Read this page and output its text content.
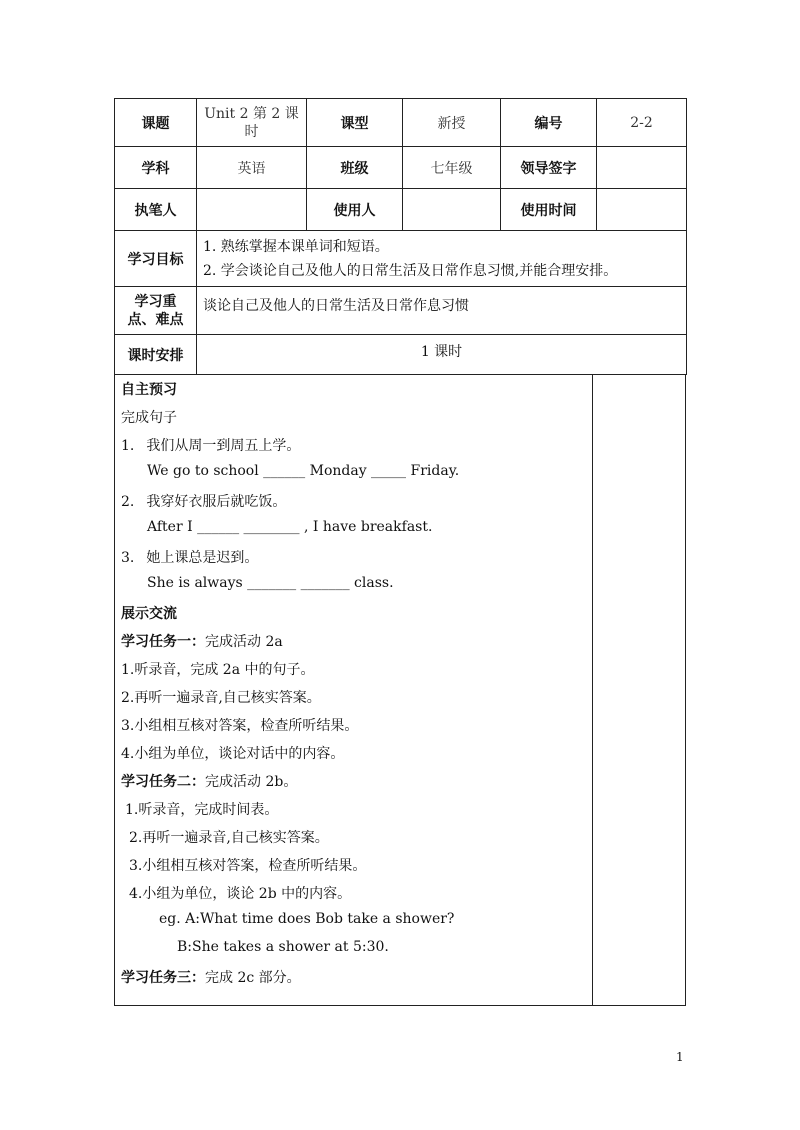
课题	Unit 2 第 2 课时	课型	新授	编号	2-2
学科	英语	班级	七年级	领导签字	
执笔人		使用人		使用时间	
学习目标	1. 熟练掌握本课单词和短语。
2. 学会谈论自己及他人的日常生活及日常作息习惯,并能合理安排。				

学习重
点、难点	谈论自己及他人的日常生活及日常作息习惯				
课时安排	1 课时				
自主预习
完成句子
1. 我们从周一到周五上学。
We go to school ______ Monday _____ Friday.
2. 我穿好衣服后就吃饭。
After I ______ ________ , I have breakfast.
3. 她上课总是迟到。
She is always _______ _______ class.
展示交流
学习任务一：完成活动 2a
1.听录音，完成 2a 中的句子。
2.再听一遍录音,自己核实答案。
3.小组相互核对答案，检查所听结果。
4.小组为单位，谈论对话中的内容。
学习任务二：完成活动 2b。
1.听录音，完成时间表。
2.再听一遍录音,自己核实答案。
3.小组相互核对答案，检查所听结果。
4.小组为单位，谈论 2b 中的内容。
eg. A:What time does Bob take a shower?
B:She takes a shower at 5:30.
学习任务三：完成 2c 部分。
1
